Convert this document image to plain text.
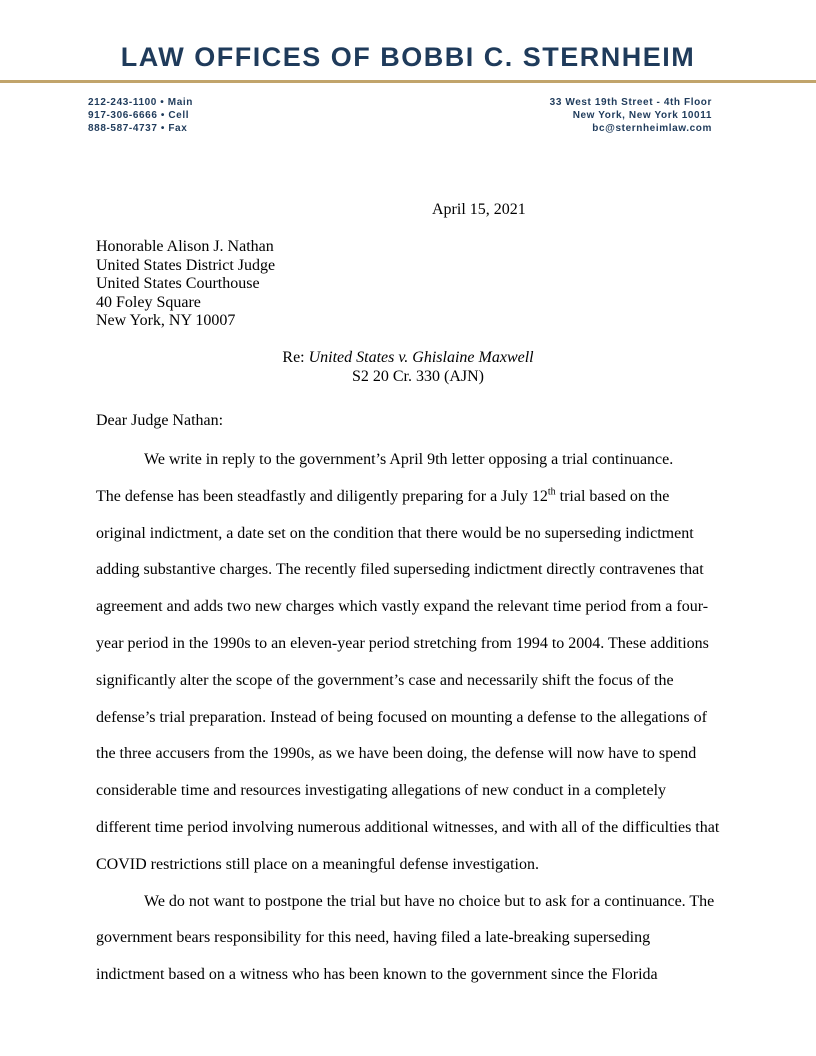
LAW OFFICES OF BOBBI C. STERNHEIM
212-243-1100 • Main
917-306-6666 • Cell
888-587-4737 • Fax
33 West 19th Street - 4th Floor
New York, New York 10011
bc@sternheimlaw.com
April 15, 2021
Honorable Alison J. Nathan
United States District Judge
United States Courthouse
40 Foley Square
New York, NY 10007
Re: United States v. Ghislaine Maxwell
S2 20 Cr. 330 (AJN)
Dear Judge Nathan:
We write in reply to the government’s April 9th letter opposing a trial continuance.
The defense has been steadfastly and diligently preparing for a July 12th trial based on the
original indictment, a date set on the condition that there would be no superseding indictment
adding substantive charges. The recently filed superseding indictment directly contravenes that
agreement and adds two new charges which vastly expand the relevant time period from a four-
year period in the 1990s to an eleven-year period stretching from 1994 to 2004. These additions
significantly alter the scope of the government’s case and necessarily shift the focus of the
defense’s trial preparation. Instead of being focused on mounting a defense to the allegations of
the three accusers from the 1990s, as we have been doing, the defense will now have to spend
considerable time and resources investigating allegations of new conduct in a completely
different time period involving numerous additional witnesses, and with all of the difficulties that
COVID restrictions still place on a meaningful defense investigation.
We do not want to postpone the trial but have no choice but to ask for a continuance. The
government bears responsibility for this need, having filed a late-breaking superseding
indictment based on a witness who has been known to the government since the Florida
